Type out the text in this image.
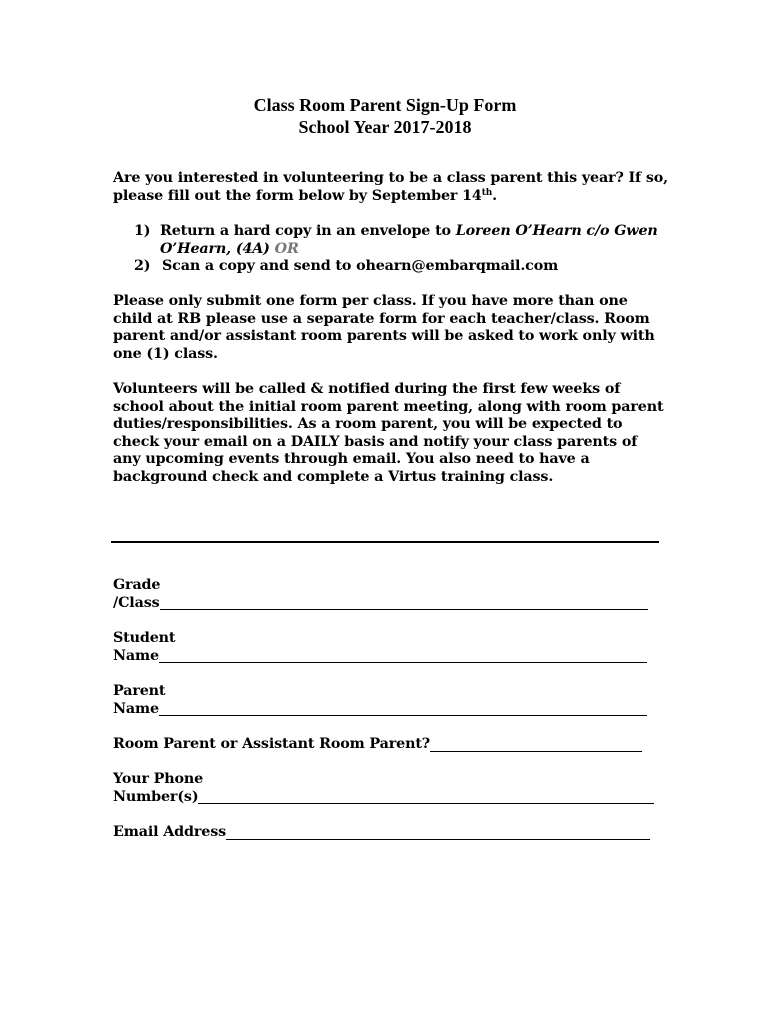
Class Room Parent Sign-Up Form
School Year 2017-2018
Are you interested in volunteering to be a class parent this year? If so,
please fill out the form below by September 14th.
1) Return a hard copy in an envelope to Loreen O’Hearn c/o Gwen
O’Hearn, (4A) OR
2) Scan a copy and send to ohearn@embarqmail.com
Please only submit one form per class. If you have more than one
child at RB please use a separate form for each teacher/class. Room
parent and/or assistant room parents will be asked to work only with
one (1) class.
Volunteers will be called & notified during the first few weeks of
school about the initial room parent meeting, along with room parent
duties/responsibilities. As a room parent, you will be expected to
check your email on a DAILY basis and notify your class parents of
any upcoming events through email. You also need to have a
background check and complete a Virtus training class.
Grade
/Class
Student
Name
Parent
Name
Room Parent or Assistant Room Parent?
Your Phone
Number(s)
Email Address
